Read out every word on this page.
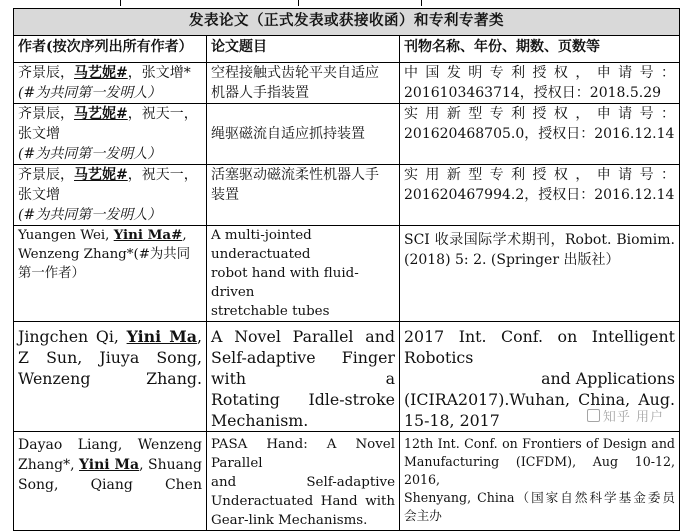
发表论文（正式发表或获接收函）和专利专著类		
作者(按次序列出所有作者）	论文题目	刊物名称、年份、期数、页数等
齐景辰，马艺妮#，张文增*
(#为共同第一发明人）	空程接触式齿轮平夹自适应
机器人手指装置	中国发明专利授权，申请号：
2016103463714，授权日：2018.5.29

齐景辰，马艺妮#，祝天一，张文增(#为共同第一发明人）	绳驱磁流自适应抓持装置	实用新型专利授权，申请号：
201620468705.0，授权日：2016.12.14

齐景辰，马艺妮#，祝天一，张文增(#为共同第一发明人）	活塞驱动磁流柔性机器人手
装置	实用新型专利授权，申请号：
201620467994.2，授权日：2016.12.14

Yuangen Wei, Yini Ma#, Wenzeng Zhang*(#为共同第一作者）	A multi-jointed underactuated
robot hand with fluid-driven
stretchable tubes	SCI 收录国际学术期刊，Robot. Biomim.
(2018) 5: 2. (Springer 出版社）

Jingchen Qi, Yini Ma, Z Sun, Jiuya Song, Wenzeng Zhang.	A Novel Parallel and
Self-adaptive Finger with a
Rotating Idle-stroke
Mechanism.	2017 Int. Conf. on Intelligent Robotics
and Applications
(ICIRA2017).Wuhan, China, Aug.
15-18, 2017

Dayao Liang, Wenzeng Zhang*, Yini Ma, Shuang Song, Qiang Chen	PASA Hand: A Novel Parallel
and Self-adaptive
Underactuated Hand with
Gear-link Mechanisms.	12th Int. Conf. on Frontiers of Design and
Manufacturing (ICFDM), Aug 10-12, 2016,
Shenyang, China（国家自然科学基金委员
会主办
知乎 用户
